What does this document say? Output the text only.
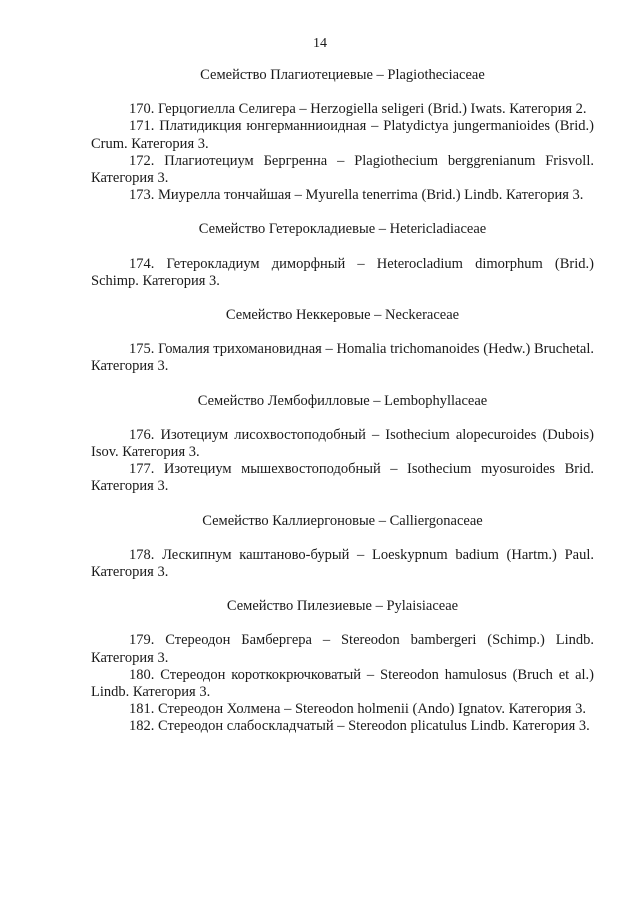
14

Семейство Плагиотециевые – Plagiotheciaceae

170. Герцогиелла Селигера – Herzogiella seligeri (Brid.) Iwats. Категория 2.

171. Платидикция юнгерманниоидная – Platydictya jungermanioides (Brid.) Crum. Категория 3.

172. Плагиотециум Бергренна – Plagiothecium berggrenianum Frisvoll. Категория 3.

173. Миурелла тончайшая – Myurella tenerrima (Brid.) Lindb. Категория 3.

Семейство Гетерокладиевые – Hetericladiaceae

174. Гетерокладиум диморфный – Heterocladium dimorphum (Brid.) Schimp. Категория 3.

Семейство Неккеровые – Neckeraceae

175. Гомалия трихомановидная – Homalia trichomanoides (Hedw.) Bruchetal. Категория 3.

Семейство Лембофилловые – Lembophyllaceae

176. Изотециум лисохвостоподобный – Isothecium alopecuroides (Dubois) Isov. Категория 3.

177. Изотециум мышехвостоподобный – Isothecium myosuroides Brid. Категория 3.

Семейство Каллиергоновые – Calliergonaceae

178. Лескипнум каштаново-бурый – Loeskypnum badium (Hartm.) Paul. Категория 3.

Семейство Пилезиевые – Pylaisiaceae

179. Стереодон Бамбергера – Stereodon bambergeri (Schimp.) Lindb. Категория 3.

180. Стереодон короткокрючковатый – Stereodon hamulosus (Bruch et al.) Lindb. Категория 3.

181. Стереодон Холмена – Stereodon holmenii (Ando) Ignatov. Категория 3.

182. Стереодон слабоскладчатый – Stereodon plicatulus Lindb. Категория 3.
